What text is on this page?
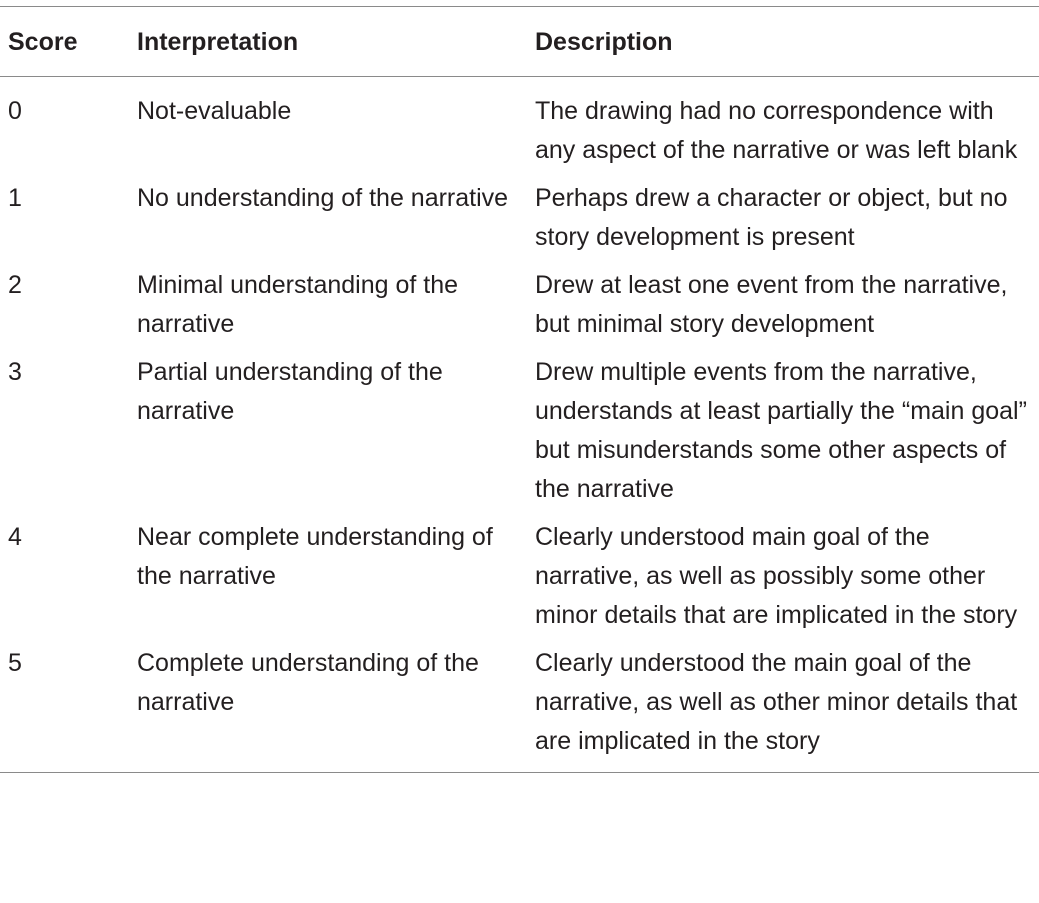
Score	Interpretation	Description
0	Not-evaluable	The drawing had no correspondence with any aspect of the narrative or was left blank
1	No understanding of the narrative	Perhaps drew a character or object, but no story development is present
2	Minimal understanding of the narrative	Drew at least one event from the narrative, but minimal story development
3	Partial understanding of the narrative	Drew multiple events from the narrative, understands at least partially the “main goal” but misunderstands some other aspects of the narrative
4	Near complete understanding of the narrative	Clearly understood main goal of the narrative, as well as possibly some other minor details that are implicated in the story
5	Complete understanding of the narrative	Clearly understood the main goal of the narrative, as well as other minor details that are implicated in the story
